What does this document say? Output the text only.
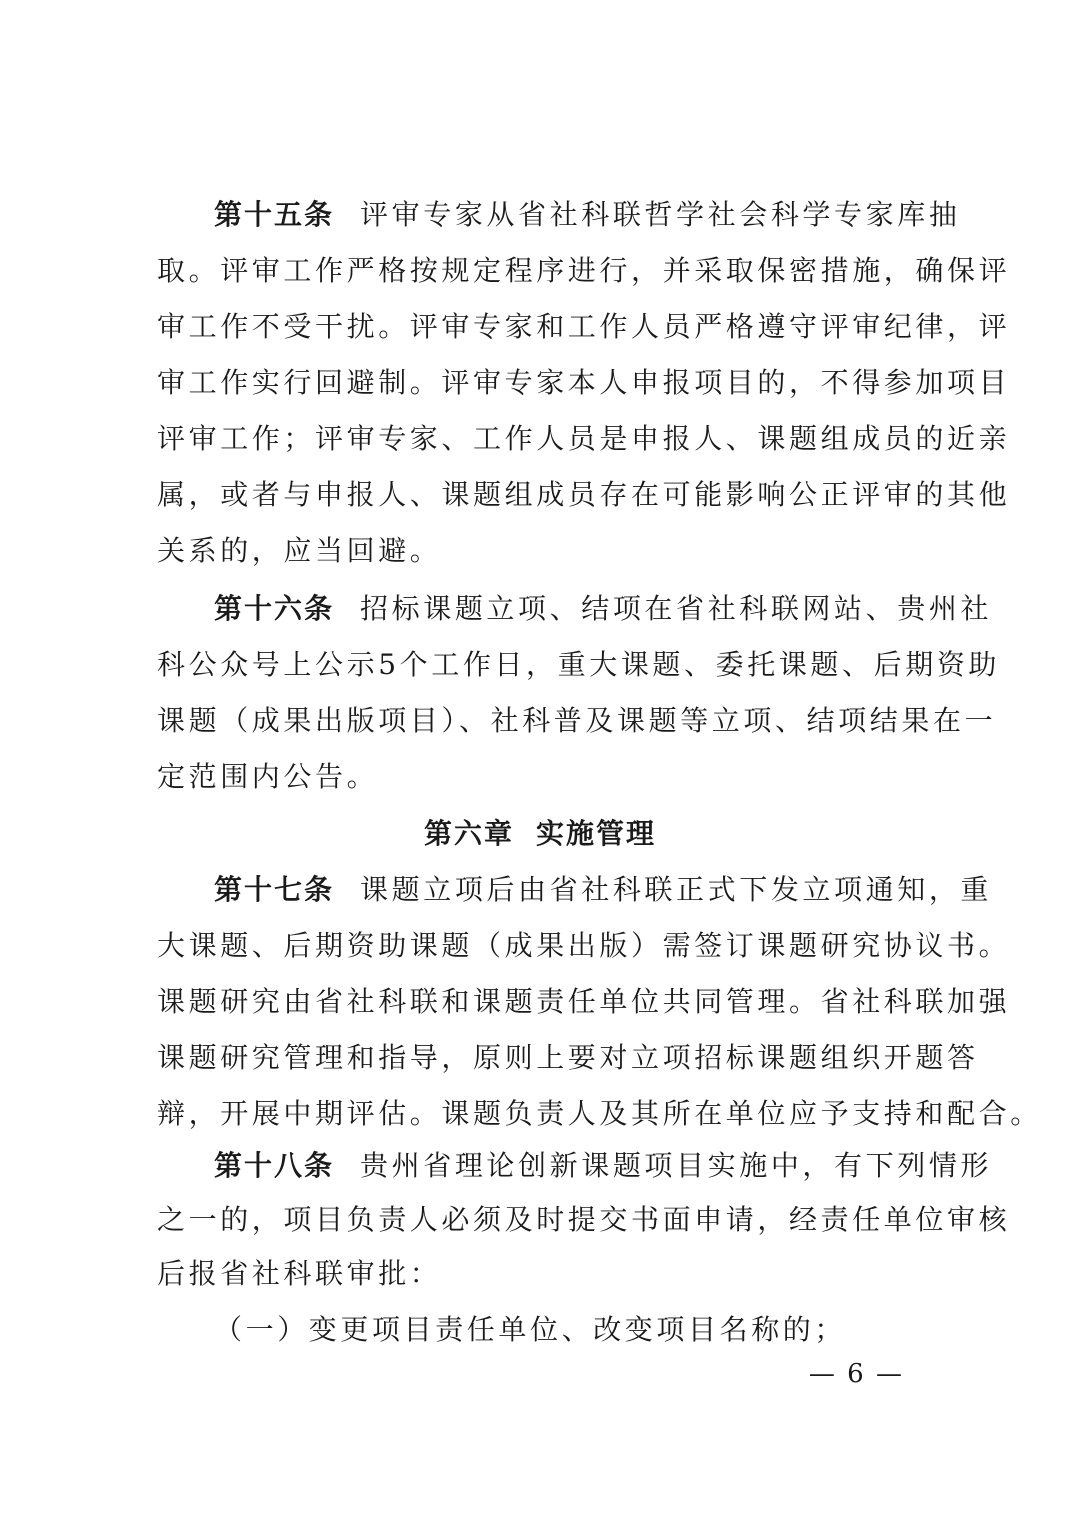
第十五条 评审专家从省社科联哲学社会科学专家库抽
取。评审工作严格按规定程序进行，并采取保密措施，确保评
审工作不受干扰。评审专家和工作人员严格遵守评审纪律，评
审工作实行回避制。评审专家本人申报项目的，不得参加项目
评审工作；评审专家、工作人员是申报人、课题组成员的近亲
属，或者与申报人、课题组成员存在可能影响公正评审的其他
关系的，应当回避。
第十六条 招标课题立项、结项在省社科联网站、贵州社
科公众号上公示5个工作日，重大课题、委托课题、后期资助
课题（成果出版项目）、社科普及课题等立项、结项结果在一
定范围内公告。
第六章 实施管理
第十七条 课题立项后由省社科联正式下发立项通知，重
大课题、后期资助课题（成果出版）需签订课题研究协议书。
课题研究由省社科联和课题责任单位共同管理。省社科联加强
课题研究管理和指导，原则上要对立项招标课题组织开题答
辩，开展中期评估。课题负责人及其所在单位应予支持和配合。
第十八条 贵州省理论创新课题项目实施中，有下列情形
之一的，项目负责人必须及时提交书面申请，经责任单位审核
后报省社科联审批：
（一）变更项目责任单位、改变项目名称的；
— 6 —
